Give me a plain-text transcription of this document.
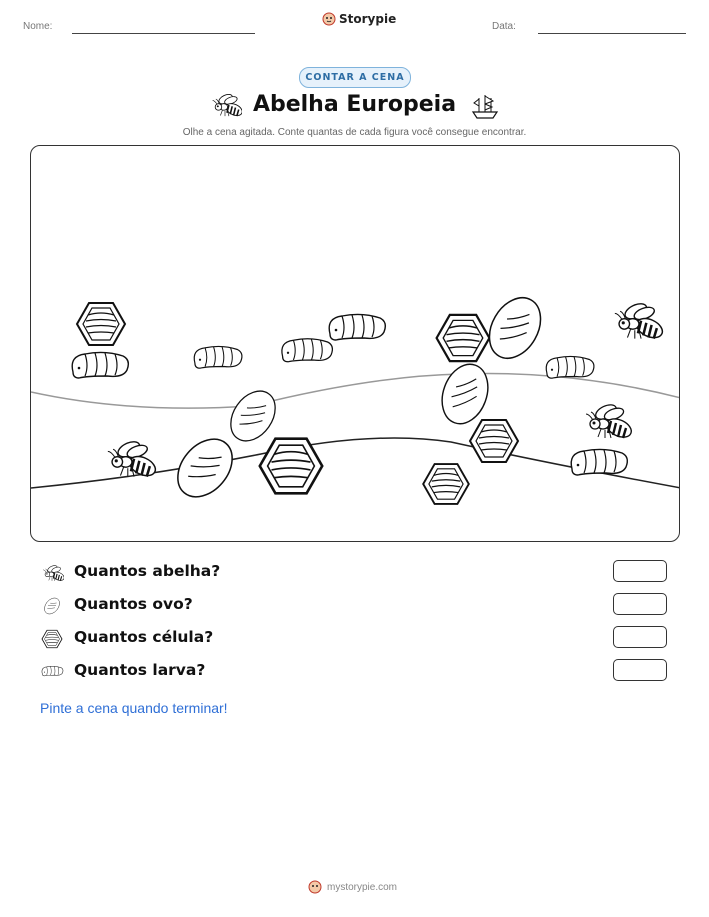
Nome:
Storypie
Data:
CONTAR A CENA
Abelha Europeia
Olhe a cena agitada. Conte quantas de cada figura você consegue encontrar.
Quantos abelha?
Quantos ovo?
Quantos célula?
Quantos larva?
Pinte a cena quando terminar!
mystorypie.com
